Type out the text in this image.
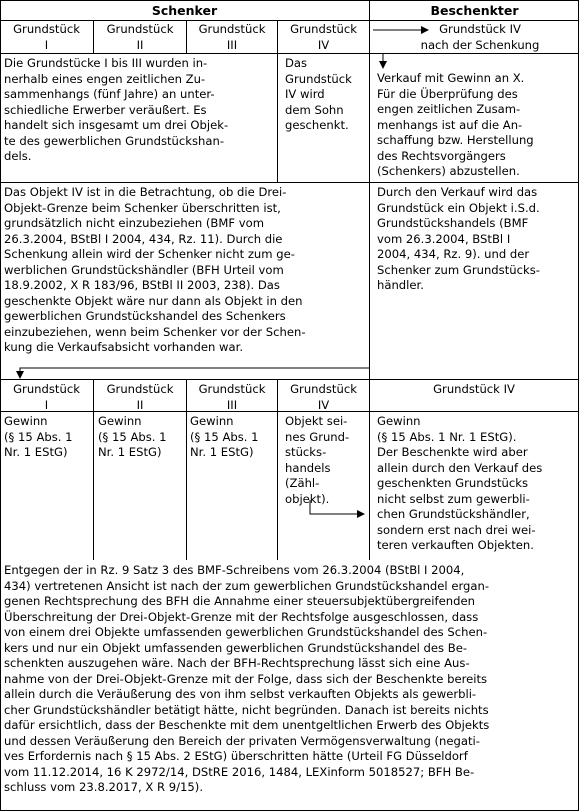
Schenker	Beschenkter
Grundstück
I
Grundstück
II
Grundstück
III
Grundstück
IV
Grundstück IV
nach der Schenkung
Die Grundstücke I bis III wurden in-
nerhalb eines engen zeitlichen Zu-
sammenhangs (fünf Jahre) an unter-
schiedliche Erwerber veräußert. Es
handelt sich insgesamt um drei Objek-
te des gewerblichen Grundstückshan-
dels.
Das
Grundstück
IV wird
dem Sohn
geschenkt.
Verkauf mit Gewinn an X.
Für die Überprüfung des
engen zeitlichen Zusam-
menhangs ist auf die An-
schaffung bzw. Herstellung
des Rechtsvorgängers
(Schenkers) abzustellen.
Das Objekt IV ist in die Betrachtung, ob die Drei-
Objekt-Grenze beim Schenker überschritten ist,
grundsätzlich nicht einzubeziehen (BMF vom
26.3.2004, BStBl I 2004, 434, Rz. 11). Durch die
Schenkung allein wird der Schenker nicht zum ge-
werblichen Grundstückshändler (BFH Urteil vom
18.9.2002, X R 183/96, BStBl II 2003, 238). Das
geschenkte Objekt wäre nur dann als Objekt in den
gewerblichen Grundstückshandel des Schenkers
einzubeziehen, wenn beim Schenker vor der Schen-
kung die Verkaufsabsicht vorhanden war.
Durch den Verkauf wird das
Grundstück ein Objekt i.S.d.
Grundstückshandels (BMF
vom 26.3.2004, BStBl I
2004, 434, Rz. 9). und der
Schenker zum Grundstücks-
händler.
Grundstück
I
Grundstück
II
Grundstück
III
Grundstück
IV
Grundstück IV
Gewinn
(§ 15 Abs. 1
Nr. 1 EStG)
Gewinn
(§ 15 Abs. 1
Nr. 1 EStG)
Gewinn
(§ 15 Abs. 1
Nr. 1 EStG)
Objekt sei-
nes Grund-
stücks-
handels (Zähl-
objekt).
Gewinn
(§ 15 Abs. 1 Nr. 1 EStG).
Der Beschenkte wird aber
allein durch den Verkauf des
geschenkten Grundstücks
nicht selbst zum gewerbli-
chen Grundstückshändler,
sondern erst nach drei wei-
teren verkauften Objekten.
Entgegen der in Rz. 9 Satz 3 des BMF-Schreibens vom 26.3.2004 (BStBl I 2004,
434) vertretenen Ansicht ist nach der zum gewerblichen Grundstückshandel ergan-
genen Rechtsprechung des BFH die Annahme einer steuersubjektübergreifenden
Überschreitung der Drei-Objekt-Grenze mit der Rechtsfolge ausgeschlossen, dass
von einem drei Objekte umfassenden gewerblichen Grundstückshandel des Schen-
kers und nur ein Objekt umfassenden gewerblichen Grundstückshandel des Be-
schenkten auszugehen wäre. Nach der BFH-Rechtsprechung lässt sich eine Aus-
nahme von der Drei-Objekt-Grenze mit der Folge, dass sich der Beschenkte bereits
allein durch die Veräußerung des von ihm selbst verkauften Objekts als gewerbli-
cher Grundstückshändler betätigt hätte, nicht begründen. Danach ist bereits nichts
dafür ersichtlich, dass der Beschenkte mit dem unentgeltlichen Erwerb des Objekts
und dessen Veräußerung den Bereich der privaten Vermögensverwaltung (negati-
ves Erfordernis nach § 15 Abs. 2 EStG) überschritten hätte (Urteil FG Düsseldorf
vom 11.12.2014, 16 K 2972/14, DStRE 2016, 1484, LEXinform 5018527; BFH Be-
schluss vom 23.8.2017, X R 9/15).
